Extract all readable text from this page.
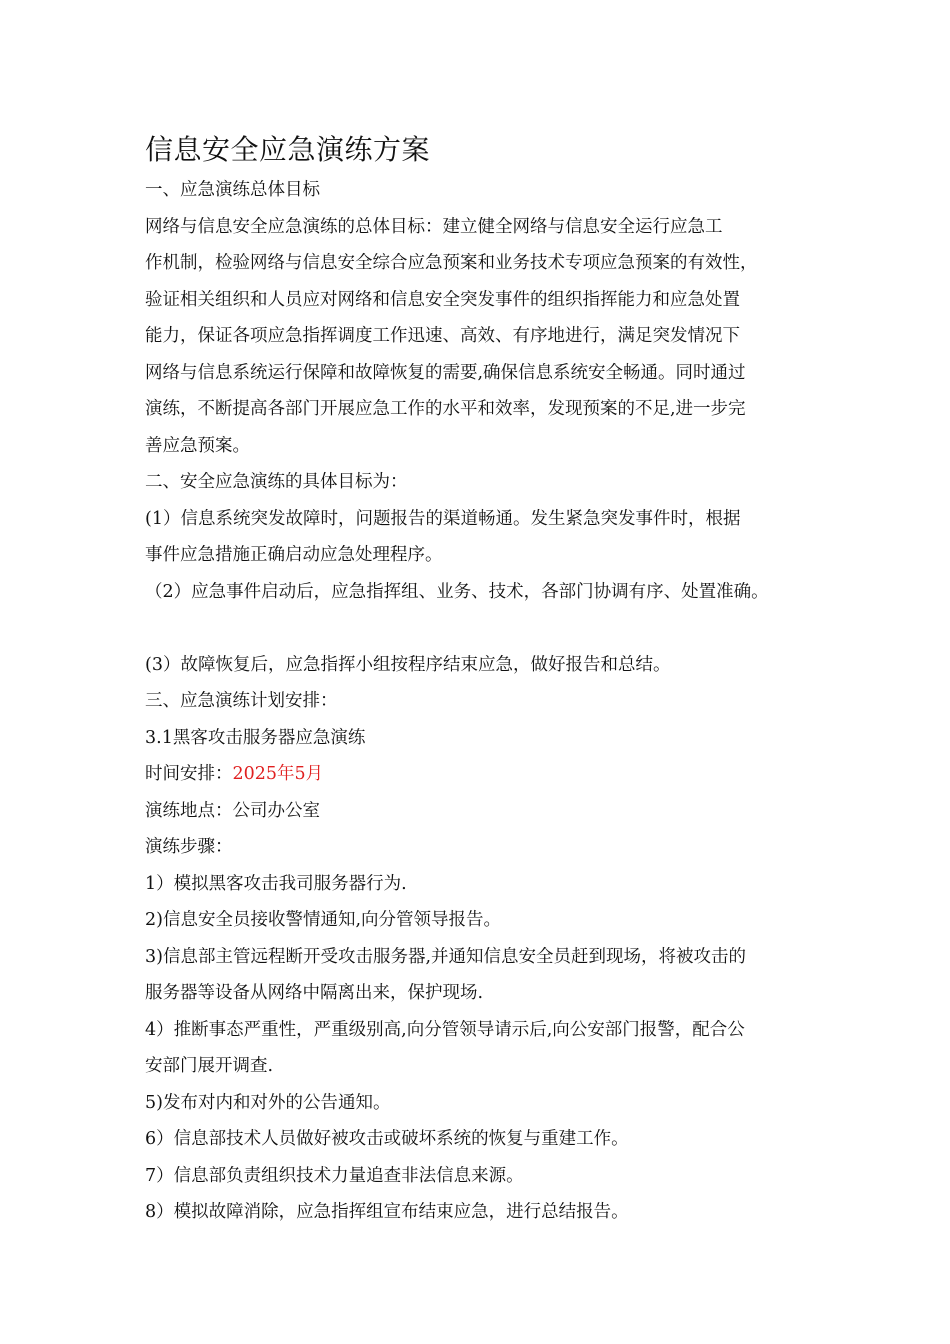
信息安全应急演练方案

一、应急演练总体目标

网络与信息安全应急演练的总体目标：建立健全网络与信息安全运行应急工
作机制，检验网络与信息安全综合应急预案和业务技术专项应急预案的有效性，
验证相关组织和人员应对网络和信息安全突发事件的组织指挥能力和应急处置
能力，保证各项应急指挥调度工作迅速、高效、有序地进行，满足突发情况下
网络与信息系统运行保障和故障恢复的需要,确保信息系统安全畅通。同时通过
演练，不断提高各部门开展应急工作的水平和效率，发现预案的不足,进一步完
善应急预案。

二、安全应急演练的具体目标为：

(1）信息系统突发故障时，问题报告的渠道畅通。发生紧急突发事件时，根据
事件应急措施正确启动应急处理程序。

（2）应急事件启动后，应急指挥组、业务、技术，各部门协调有序、处置准确。

(3）故障恢复后，应急指挥小组按程序结束应急，做好报告和总结。

三、应急演练计划安排：

3.1黑客攻击服务器应急演练

时间安排：2025年5月

演练地点：公司办公室

演练步骤：

1）模拟黑客攻击我司服务器行为.

2)信息安全员接收警情通知,向分管领导报告。

3)信息部主管远程断开受攻击服务器,并通知信息安全员赶到现场，将被攻击的
服务器等设备从网络中隔离出来，保护现场.
4）推断事态严重性，严重级别高,向分管领导请示后,向公安部门报警，配合公
安部门展开调查.

5)发布对内和对外的公告通知。

6）信息部技术人员做好被攻击或破坏系统的恢复与重建工作。

7）信息部负责组织技术力量追查非法信息来源。

8）模拟故障消除，应急指挥组宣布结束应急，进行总结报告。
